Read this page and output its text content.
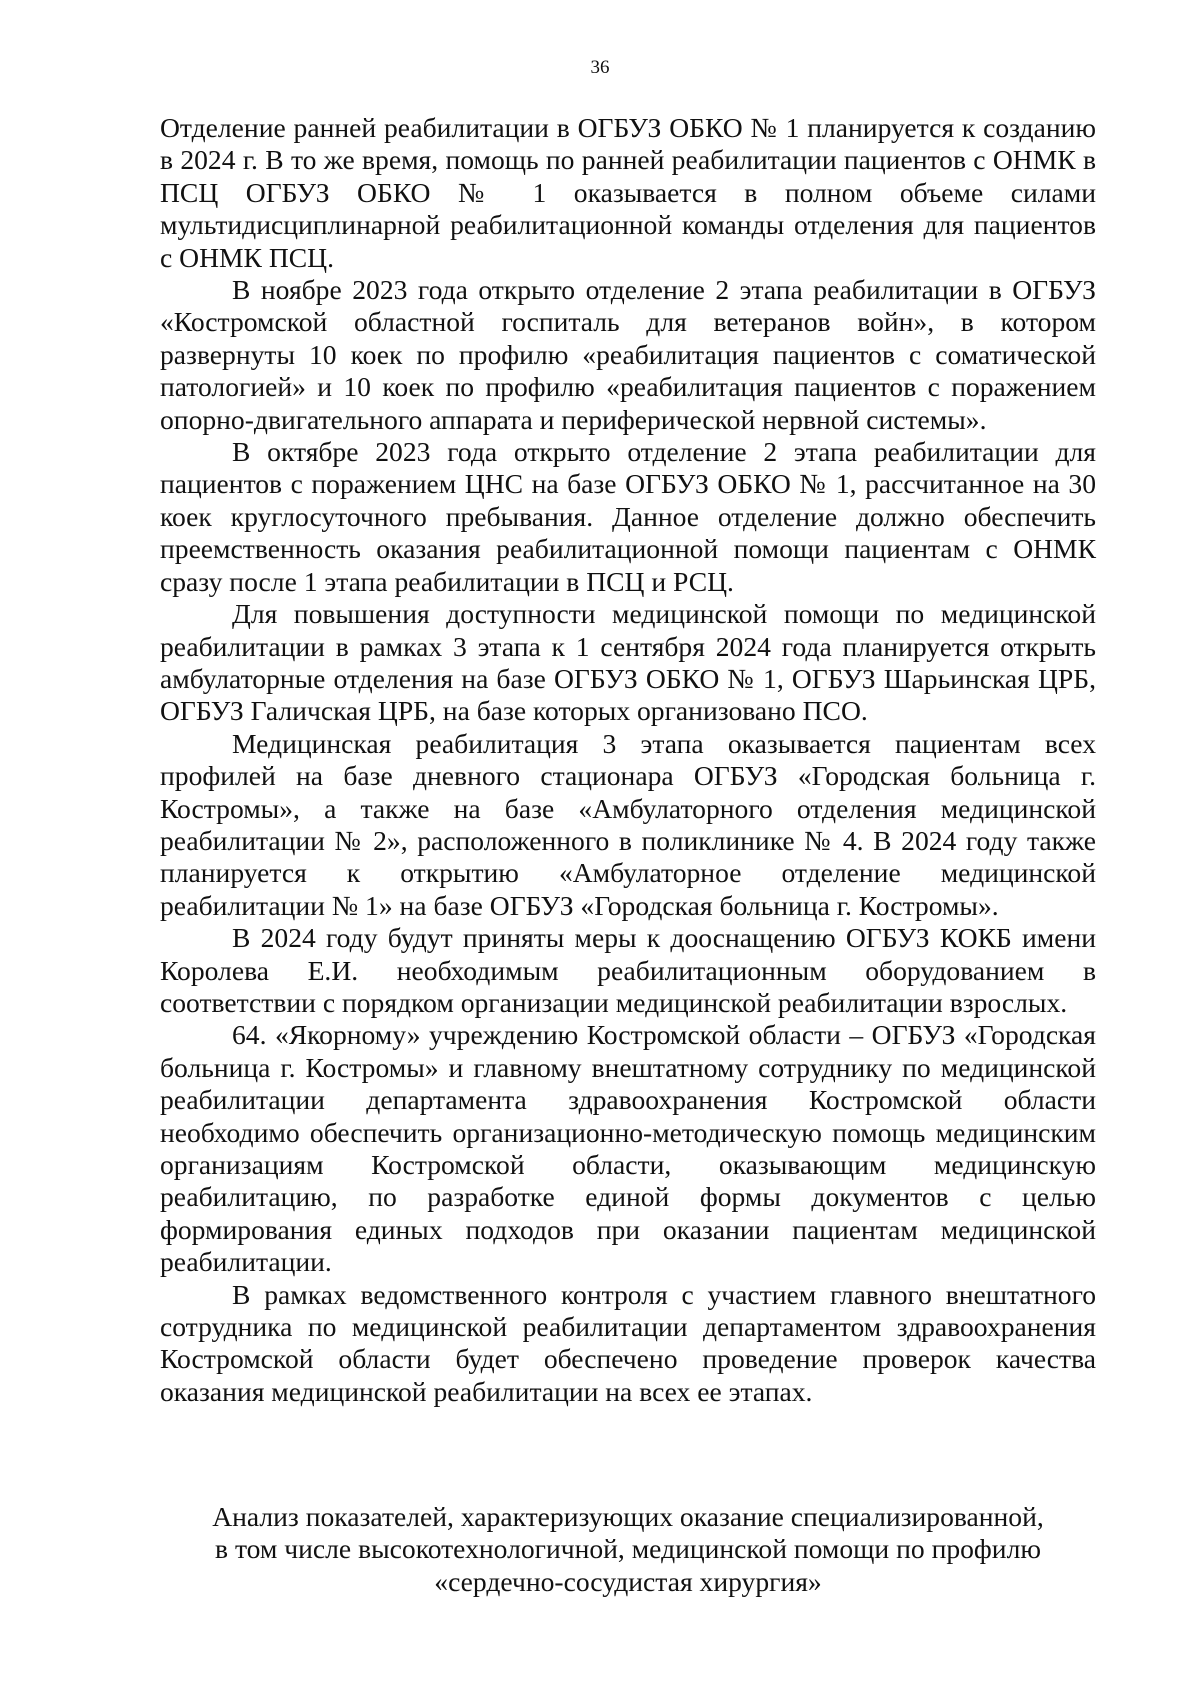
36

Отделение ранней реабилитации в ОГБУЗ ОБКО № 1 планируется к созданию в 2024 г. В то же время, помощь по ранней реабилитации пациентов с ОНМК в ПСЦ ОГБУЗ ОБКО № 1 оказывается в полном объеме силами мультидисциплинарной реабилитационной команды отделения для пациентов с ОНМК ПСЦ.

В ноябре 2023 года открыто отделение 2 этапа реабилитации в ОГБУЗ «Костромской областной госпиталь для ветеранов войн», в котором развернуты 10 коек по профилю «реабилитация пациентов с соматической патологией» и 10 коек по профилю «реабилитация пациентов с поражением опорно-двигательного аппарата и периферической нервной системы».

В октябре 2023 года открыто отделение 2 этапа реабилитации для пациентов с поражением ЦНС на базе ОГБУЗ ОБКО № 1, рассчитанное на 30 коек круглосуточного пребывания. Данное отделение должно обеспечить преемственность оказания реабилитационной помощи пациентам с ОНМК сразу после 1 этапа реабилитации в ПСЦ и РСЦ.

Для повышения доступности медицинской помощи по медицинской реабилитации в рамках 3 этапа к 1 сентября 2024 года планируется открыть амбулаторные отделения на базе ОГБУЗ ОБКО № 1, ОГБУЗ Шарьинская ЦРБ, ОГБУЗ Галичская ЦРБ, на базе которых организовано ПСО.

Медицинская реабилитация 3 этапа оказывается пациентам всех профилей на базе дневного стационара ОГБУЗ «Городская больница г. Костромы», а также на базе «Амбулаторного отделения медицинской реабилитации № 2», расположенного в поликлинике № 4. В 2024 году также планируется к открытию «Амбулаторное отделение медицинской реабилитации № 1» на базе ОГБУЗ «Городская больница г. Костромы».

В 2024 году будут приняты меры к дооснащению ОГБУЗ КОКБ имени Королева Е.И. необходимым реабилитационным оборудованием в соответствии с порядком организации медицинской реабилитации взрослых.

64. «Якорному» учреждению Костромской области – ОГБУЗ «Городская больница г. Костромы» и главному внештатному сотруднику по медицинской реабилитации департамента здравоохранения Костромской области необходимо обеспечить организационно-методическую помощь медицинским организациям Костромской области, оказывающим медицинскую реабилитацию, по разработке единой формы документов с целью формирования единых подходов при оказании пациентам медицинской реабилитации.

В рамках ведомственного контроля с участием главного внештатного сотрудника по медицинской реабилитации департаментом здравоохранения Костромской области будет обеспечено проведение проверок качества оказания медицинской реабилитации на всех ее этапах.

Анализ показателей, характеризующих оказание специализированной,
в том числе высокотехнологичной, медицинской помощи по профилю
«сердечно-сосудистая хирургия»
